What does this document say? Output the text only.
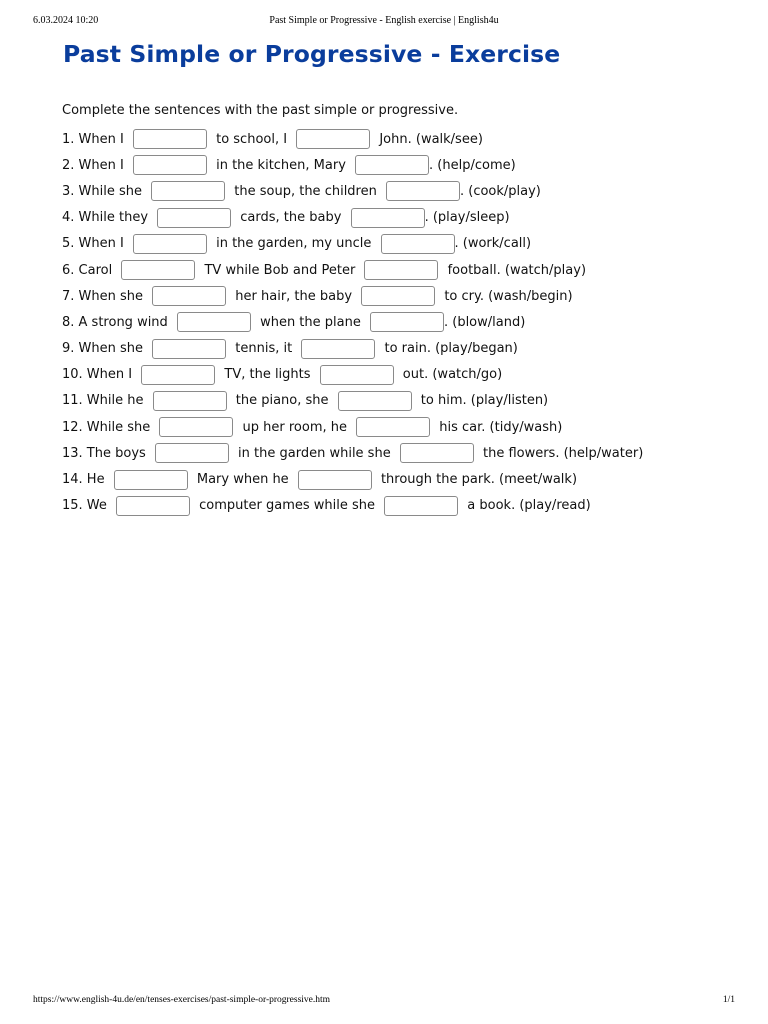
6.03.2024 10:20	Past Simple or Progressive - English exercise | English4u
Past Simple or Progressive - Exercise

Complete the sentences with the past simple or progressive.

1. When I	to school, I	John. (walk/see)
2. When I	in the kitchen, Mary	. (help/come)
3. While she	the soup, the children	. (cook/play)
4. While they	cards, the baby	. (play/sleep)
5. When I	in the garden, my uncle	. (work/call)
6. Carol	TV while Bob and Peter	football. (watch/play)
7. When she	her hair, the baby	to cry. (wash/begin)
8. A strong wind	when the plane	. (blow/land)
9. When she	tennis, it	to rain. (play/began)
10. When I	TV, the lights	out. (watch/go)
11. While he	the piano, she	to him. (play/listen)
12. While she	up her room, he	his car. (tidy/wash)
13. The boys	in the garden while she	the flowers. (help/water)
14. He	Mary when he	through the park. (meet/walk)
15. We	computer games while she	a book. (play/read)
https://www.english-4u.de/en/tenses-exercises/past-simple-or-progressive.htm	1/1
